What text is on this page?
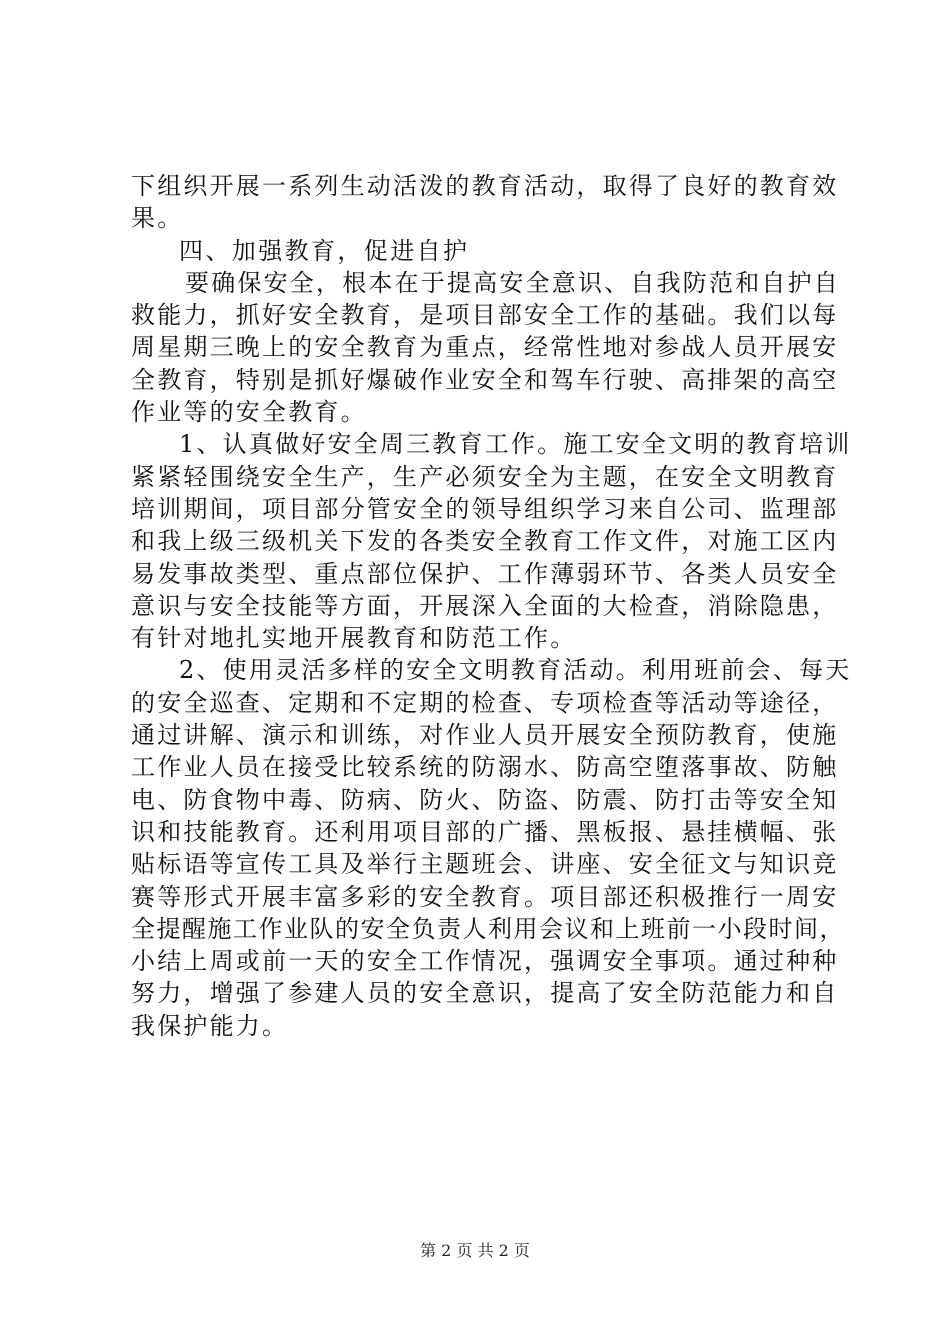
下组织开展一系列生动活泼的教育活动，取得了良好的教育效
果。
四、加强教育，促进自护
要确保安全，根本在于提高安全意识、自我防范和自护自
救能力，抓好安全教育，是项目部安全工作的基础。我们以每
周星期三晚上的安全教育为重点，经常性地对参战人员开展安
全教育，特别是抓好爆破作业安全和驾车行驶、高排架的高空
作业等的安全教育。
1、认真做好安全周三教育工作。施工安全文明的教育培训
紧紧轻围绕安全生产，生产必须安全为主题，在安全文明教育
培训期间，项目部分管安全的领导组织学习来自公司、监理部
和我上级三级机关下发的各类安全教育工作文件，对施工区内
易发事故类型、重点部位保护、工作薄弱环节、各类人员安全
意识与安全技能等方面，开展深入全面的大检查，消除隐患，
有针对地扎实地开展教育和防范工作。
2、使用灵活多样的安全文明教育活动。利用班前会、每天
的安全巡查、定期和不定期的检查、专项检查等活动等途径，
通过讲解、演示和训练，对作业人员开展安全预防教育，使施
工作业人员在接受比较系统的防溺水、防高空堕落事故、防触
电、防食物中毒、防病、防火、防盗、防震、防打击等安全知
识和技能教育。还利用项目部的广播、黑板报、悬挂横幅、张
贴标语等宣传工具及举行主题班会、讲座、安全征文与知识竞
赛等形式开展丰富多彩的安全教育。项目部还积极推行一周安
全提醒施工作业队的安全负责人利用会议和上班前一小段时间，
小结上周或前一天的安全工作情况，强调安全事项。通过种种
努力，增强了参建人员的安全意识，提高了安全防范能力和自
我保护能力。
第 2 页 共 2 页
